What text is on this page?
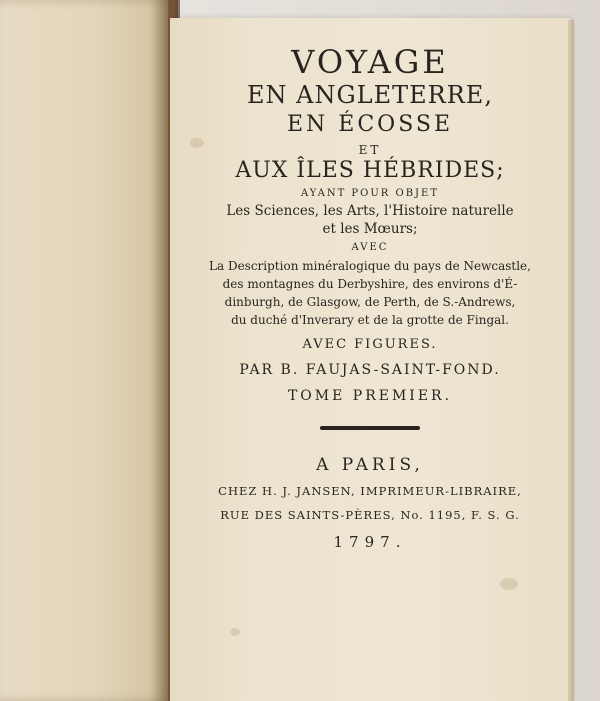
VOYAGE
EN ANGLETERRE,
EN ÉCOSSE
ET
AUX ÎLES HÉBRIDES;
AYANT POUR OBJET
Les Sciences, les Arts, l'Histoire naturelle
et les Mœurs;
AVEC
La Description minéralogique du pays de Newcastle,
des montagnes du Derbyshire, des environs d'É-
dinburgh, de Glasgow, de Perth, de S.-Andrews,
du duché d'Inverary et de la grotte de Fingal.
AVEC FIGURES.
PAR B. FAUJAS-SAINT-FOND.
TOME PREMIER.
A PARIS,
CHEZ H. J. JANSEN, IMPRIMEUR-LIBRAIRE,
RUE DES SAINTS-PÈRES, No. 1195, F. S. G.
1797.
